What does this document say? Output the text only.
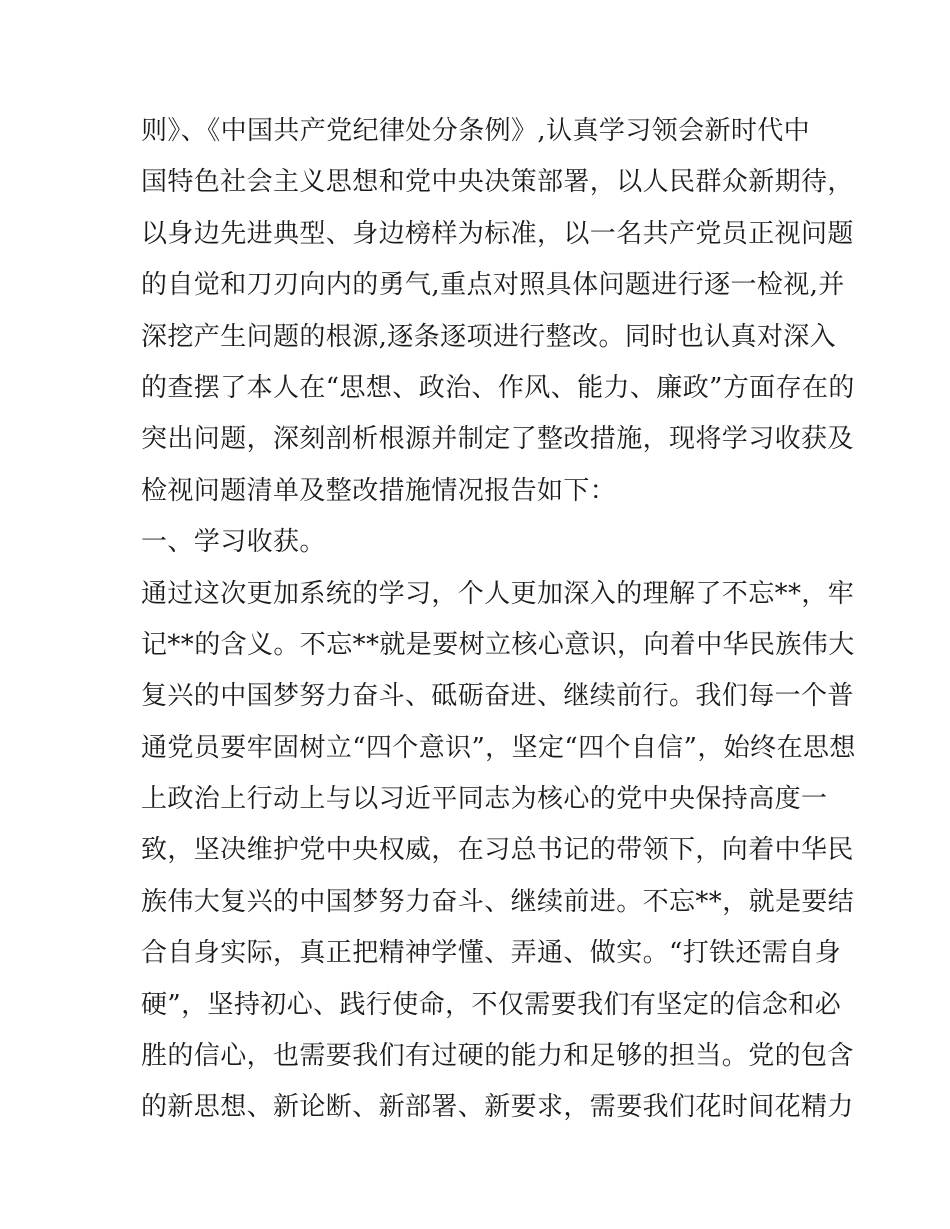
则》、《中国共产党纪律处分条例》,认真学习领会新时代中
国特色社会主义思想和党中央决策部署，以人民群众新期待，
以身边先进典型、身边榜样为标准，以一名共产党员正视问题
的自觉和刀刃向内的勇气,重点对照具体问题进行逐一检视,并
深挖产生问题的根源,逐条逐项进行整改。同时也认真对深入
的查摆了本人在“思想、政治、作风、能力、廉政”方面存在的
突出问题，深刻剖析根源并制定了整改措施，现将学习收获及
检视问题清单及整改措施情况报告如下：
一、学习收获。
通过这次更加系统的学习，个人更加深入的理解了不忘**，牢
记**的含义。不忘**就是要树立核心意识，向着中华民族伟大
复兴的中国梦努力奋斗、砥砺奋进、继续前行。我们每一个普
通党员要牢固树立“四个意识”，坚定“四个自信”，始终在思想
上政治上行动上与以习近平同志为核心的党中央保持高度一
致，坚决维护党中央权威，在习总书记的带领下，向着中华民
族伟大复兴的中国梦努力奋斗、继续前进。不忘**，就是要结
合自身实际，真正把精神学懂、弄通、做实。“打铁还需自身
硬”，坚持初心、践行使命，不仅需要我们有坚定的信念和必
胜的信心，也需要我们有过硬的能力和足够的担当。党的包含
的新思想、新论断、新部署、新要求，需要我们花时间花精力
